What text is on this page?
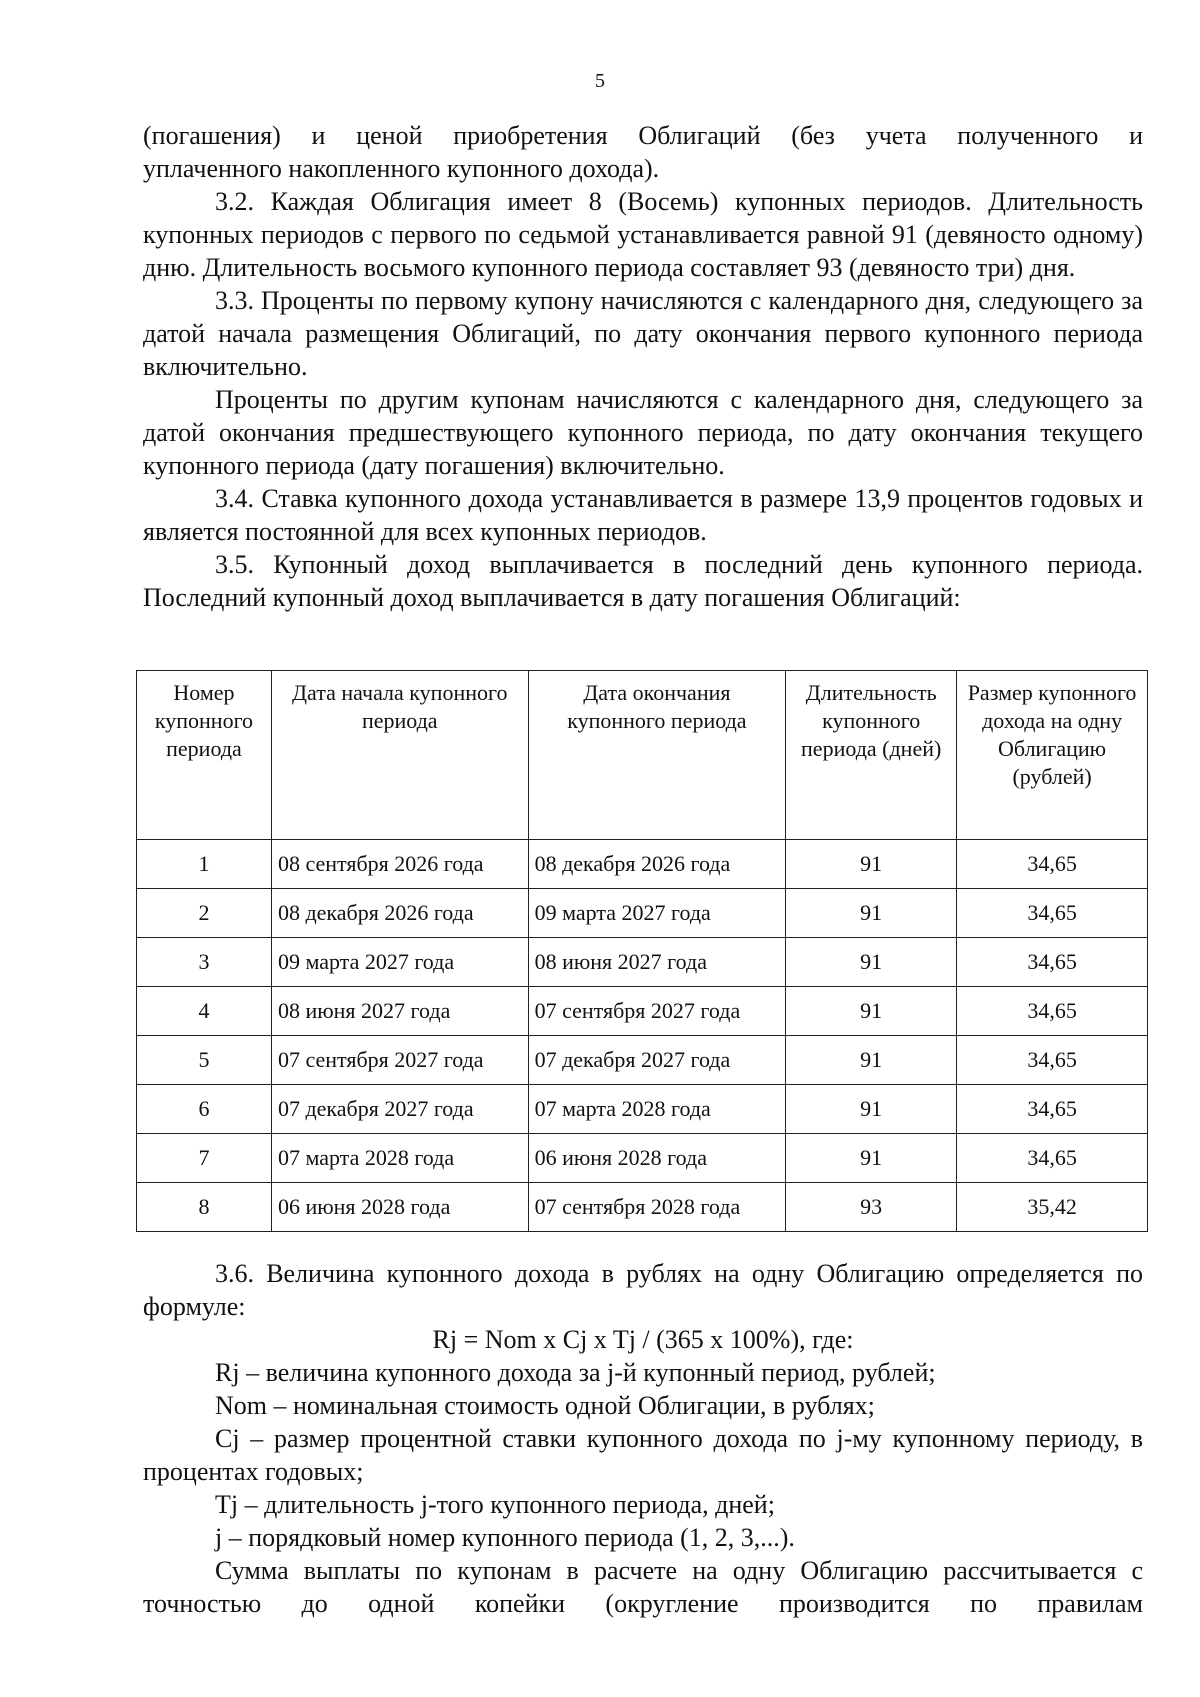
5

(погашения) и ценой приобретения Облигаций (без учета полученного и

уплаченного накопленного купонного дохода).

3.2. Каждая Облигация имеет 8 (Восемь) купонных периодов. Длительность купонных периодов с первого по седьмой устанавливается равной 91 (девяносто одному) дню. Длительность восьмого купонного периода составляет 93 (девяносто три) дня.

3.3. Проценты по первому купону начисляются с календарного дня, следующего за датой начала размещения Облигаций, по дату окончания первого купонного периода включительно.

Проценты по другим купонам начисляются с календарного дня, следующего за датой окончания предшествующего купонного периода, по дату окончания текущего купонного периода (дату погашения) включительно.

3.4. Ставка купонного дохода устанавливается в размере 13,9 процентов годовых и является постоянной для всех купонных периодов.

3.5. Купонный доход выплачивается в последний день купонного периода. Последний купонный доход выплачивается в дату погашения Облигаций:

Номер купонного периода	Дата начала купонного периода	Дата окончания купонного периода	Длительность купонного периода (дней)	Размер купонного дохода на одну Облигацию (рублей)
1	08 сентября 2026 года	08 декабря 2026 года	91	34,65
2	08 декабря 2026 года	09 марта 2027 года	91	34,65
3	09 марта 2027 года	08 июня 2027 года	91	34,65
4	08 июня 2027 года	07 сентября 2027 года	91	34,65
5	07 сентября 2027 года	07 декабря 2027 года	91	34,65
6	07 декабря 2027 года	07 марта 2028 года	91	34,65
7	07 марта 2028 года	06 июня 2028 года	91	34,65
8	06 июня 2028 года	07 сентября 2028 года	93	35,42

3.6. Величина купонного дохода в рублях на одну Облигацию определяется по формуле:

Rj = Nom x Cj x Tj / (365 x 100%), где:

Rj – величина купонного дохода за j-й купонный период, рублей;

Nom – номинальная стоимость одной Облигации, в рублях;

Cj – размер процентной ставки купонного дохода по j-му купонному периоду, в процентах годовых;

Tj – длительность j-того купонного периода, дней;

j – порядковый номер купонного периода (1, 2, 3,...).

Сумма выплаты по купонам в расчете на одну Облигацию рассчитывается с точностью до одной копейки (округление производится по правилам
